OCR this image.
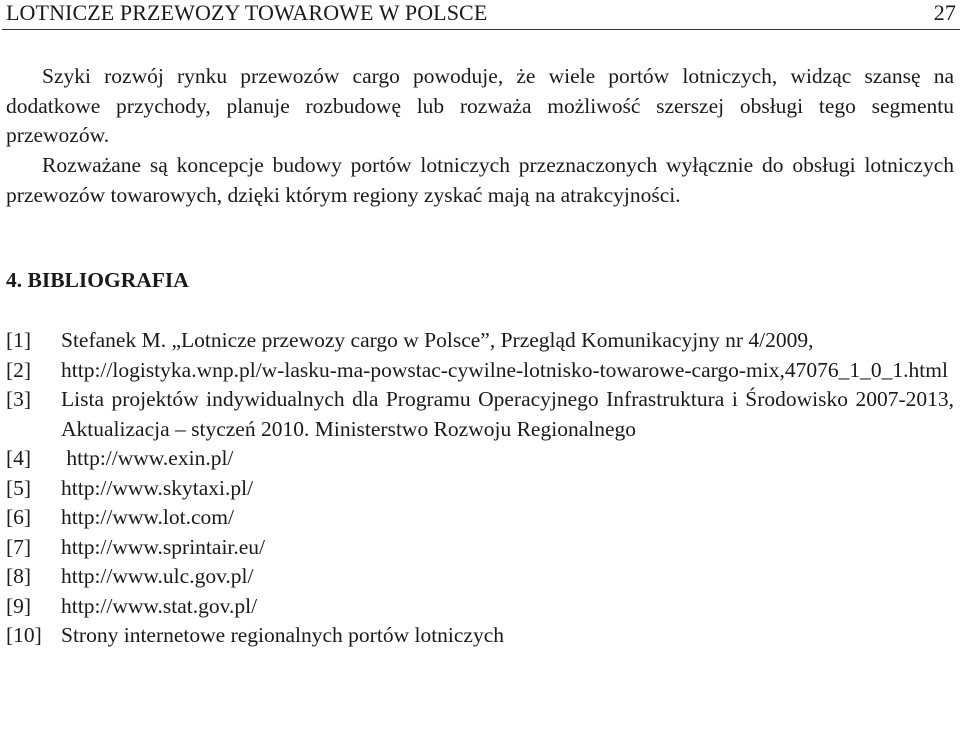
LOTNICZE PRZEWOZY TOWAROWE W POLSCE	27

Szyki rozwój rynku przewozów cargo powoduje, że wiele portów lotniczych, widząc szansę na dodatkowe przychody, planuje rozbudowę lub rozważa możliwość szerszej obsługi tego segmentu przewozów.

Rozważane są koncepcje budowy portów lotniczych przeznaczonych wyłącznie do obsługi lotniczych przewozów towarowych, dzięki którym regiony zyskać mają na atrakcyjności.

4. BIBLIOGRAFIA
[1] Stefanek M. „Lotnicze przewozy cargo w Polsce”, Przegląd Komunikacyjny nr 4/2009,
[2] http://logistyka.wnp.pl/w-lasku-ma-powstac-cywilne-lotnisko-towarowe-cargo-mix,47076_1_0_1.html
[3] Lista projektów indywidualnych dla Programu Operacyjnego Infrastruktura i Środowisko 2007-2013, Aktualizacja – styczeń 2010. Ministerstwo Rozwoju Regionalnego
[4] http://www.exin.pl/
[5] http://www.skytaxi.pl/
[6] http://www.lot.com/
[7] http://www.sprintair.eu/
[8] http://www.ulc.gov.pl/
[9] http://www.stat.gov.pl/
[10] Strony internetowe regionalnych portów lotniczych
